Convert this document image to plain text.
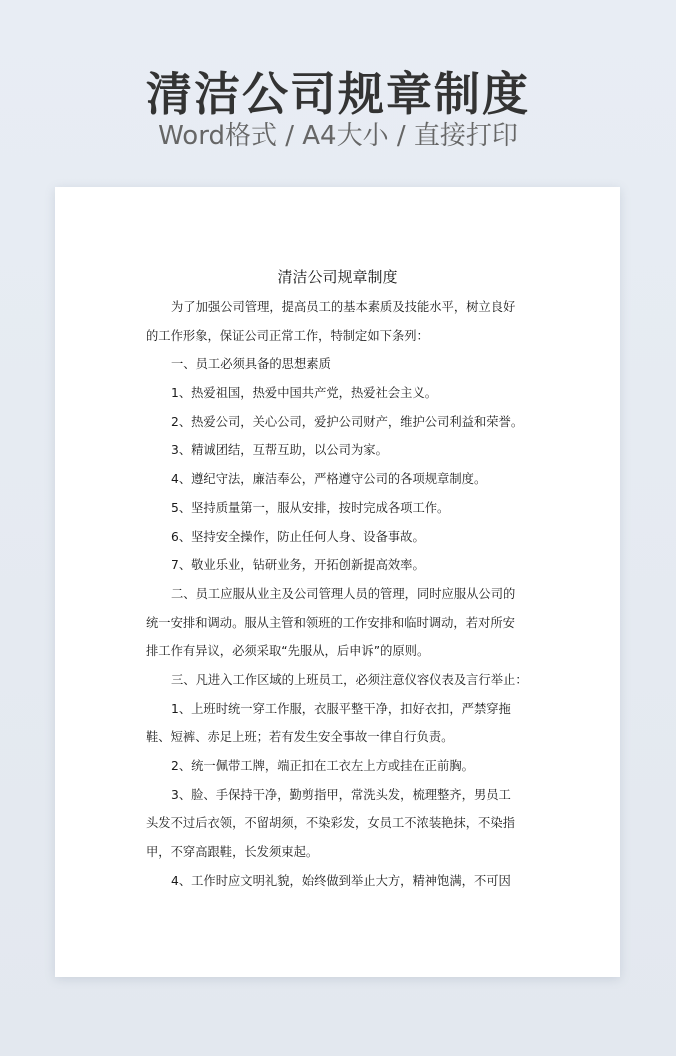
清洁公司规章制度
Word格式 / A4大小 / 直接打印
清洁公司规章制度
为了加强公司管理，提高员工的基本素质及技能水平，树立良好
的工作形象，保证公司正常工作，特制定如下条列：
一、员工必须具备的思想素质
1、热爱祖国，热爱中国共产党，热爱社会主义。
2、热爱公司，关心公司，爱护公司财产，维护公司利益和荣誉。
3、精诚团结，互帮互助，以公司为家。
4、遵纪守法，廉洁奉公，严格遵守公司的各项规章制度。
5、坚持质量第一，服从安排，按时完成各项工作。
6、坚持安全操作，防止任何人身、设备事故。
7、敬业乐业，钻研业务，开拓创新提高效率。
二、员工应服从业主及公司管理人员的管理，同时应服从公司的
统一安排和调动。服从主管和领班的工作安排和临时调动，若对所安
排工作有异议，必须采取“先服从，后申诉”的原则。
三、凡进入工作区域的上班员工，必须注意仪容仪表及言行举止：
1、上班时统一穿工作服，衣服平整干净，扣好衣扣，严禁穿拖
鞋、短裤、赤足上班；若有发生安全事故一律自行负责。
2、统一佩带工牌，端正扣在工衣左上方或挂在正前胸。
3、脸、手保持干净，勤剪指甲，常洗头发，梳理整齐，男员工
头发不过后衣领，不留胡须，不染彩发，女员工不浓装艳抹，不染指
甲，不穿高跟鞋，长发须束起。
4、工作时应文明礼貌，始终做到举止大方，精神饱满，不可因
